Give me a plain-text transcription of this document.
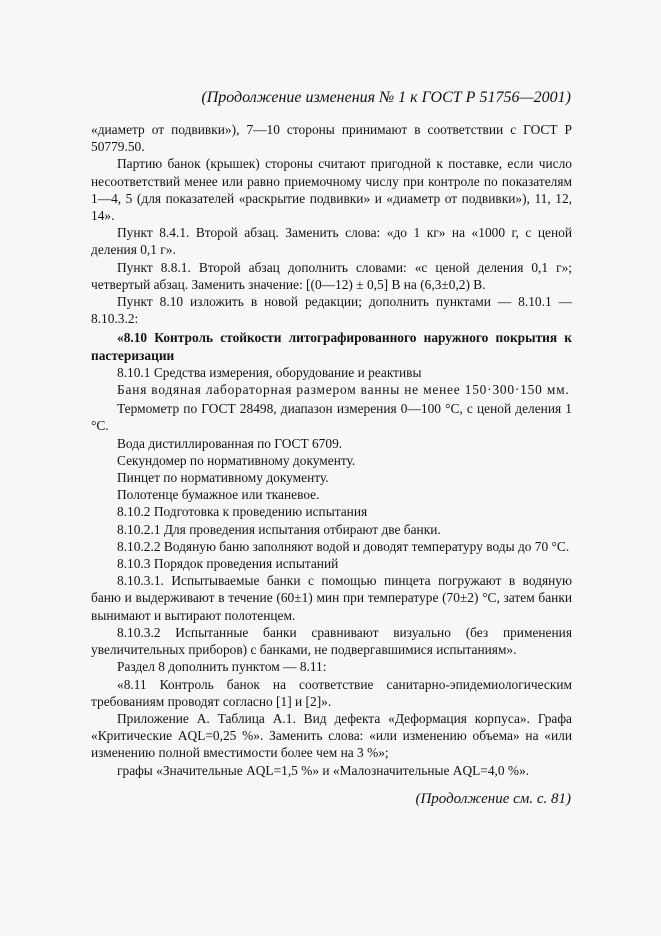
(Продолжение изменения № 1 к ГОСТ Р 51756—2001)

«диаметр от подвивки»), 7—10 стороны принимают в соответствии с ГОСТ Р 50779.50.

Партию банок (крышек) стороны считают пригодной к поставке, если число несоответствий менее или равно приемочному числу при контроле по показателям 1—4, 5 (для показателей «раскрытие подвивки» и «диаметр от подвивки»), 11, 12, 14».

Пункт 8.4.1. Второй абзац. Заменить слова: «до 1 кг» на «1000 г, с ценой деления 0,1 г».

Пункт 8.8.1. Второй абзац дополнить словами: «с ценой деления 0,1 г»; четвертый абзац. Заменить значение: [(0—12) ± 0,5] В на (6,3±0,2) В.

Пункт 8.10 изложить в новой редакции; дополнить пунктами — 8.10.1 —8.10.3.2:

«8.10 Контроль стойкости литографированного наружного покрытия к пастеризации

8.10.1 Средства измерения, оборудование и реактивы

Баня водяная лабораторная размером ванны не менее 150·300·150 мм.

Термометр по ГОСТ 28498, диапазон измерения 0—100 °С, с ценой деления 1 °С.

Вода дистиллированная по ГОСТ 6709.

Секундомер по нормативному документу.

Пинцет по нормативному документу.

Полотенце бумажное или тканевое.

8.10.2 Подготовка к проведению испытания

8.10.2.1 Для проведения испытания отбирают две банки.

8.10.2.2 Водяную баню заполняют водой и доводят температуру воды до 70 °С.

8.10.3 Порядок проведения испытаний

8.10.3.1. Испытываемые банки с помощью пинцета погружают в водяную баню и выдерживают в течение (60±1) мин при температуре (70±2) °С, затем банки вынимают и вытирают полотенцем.

8.10.3.2 Испытанные банки сравнивают визуально (без применения увеличительных приборов) с банками, не подвергавшимися испытаниям».

Раздел 8 дополнить пунктом — 8.11:

«8.11 Контроль банок на соответствие санитарно-эпидемиологическим требованиям проводят согласно [1] и [2]».

Приложение А. Таблица А.1. Вид дефекта «Деформация корпуса». Графа «Критические AQL=0,25 %». Заменить слова: «или изменению объема» на «или изменению полной вместимости более чем на 3 %»;

графы «Значительные AQL=1,5 %» и «Малозначительные AQL=4,0 %».

(Продолжение см. с. 81)
